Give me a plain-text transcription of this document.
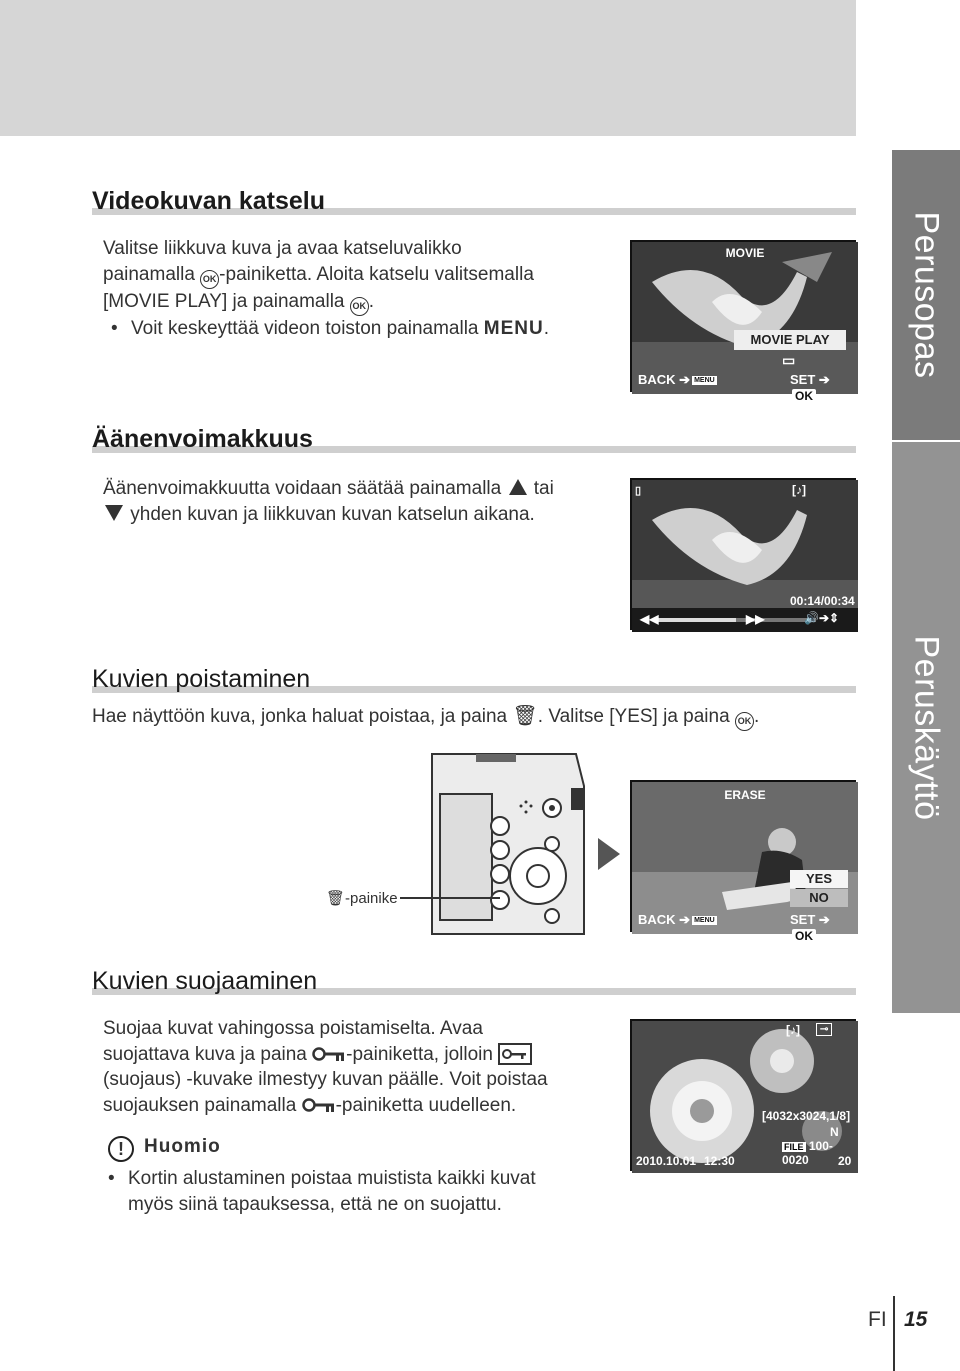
Perusopas
Peruskäyttö
Videokuvan katselu
Valitse liikkuva kuva ja avaa katseluvalikko
painamalla OK -painiketta. Aloita katselu valitsemalla
[MOVIE PLAY] ja painamalla OK .
• Voit keskeyttää videon toiston painamalla MENU.
MOVIE
MOVIE PLAY
▭
BACK ➔ MENU	SET ➔OK
Äänenvoimakkuus
Äänenvoimakkuutta voidaan säätää painamalla  tai
yhden kuvan ja liikkuvan kuvan katselun aikana.
▯	[♪]
00:14/00:34
◀◀	▶▶	🔊➔⇕
Kuvien poistaminen
Hae näyttöön kuva, jonka haluat poistaa, ja paina 🗑. Valitse [YES] ja paina OK .
🗑-painike
ERASE
YES
NO
BACK ➔ MENU	SET ➔OK
Kuvien suojaaminen
Suojaa kuvat vahingossa poistamiselta. Avaa
suojattava kuva ja paina -painiketta, jolloin
(suojaus) -kuvake ilmestyy kuvan päälle. Voit poistaa
suojauksen painamalla -painiketta uudelleen.
! Huomio
• Kortin alustaminen poistaa muistista kaikki kuvat
myös siinä tapauksessa, että ne on suojattu.
[♪]	⊸
[4032x3024,1/8]
N
FILE 100-0020
2010.10.01 12:30	20
FI 15
